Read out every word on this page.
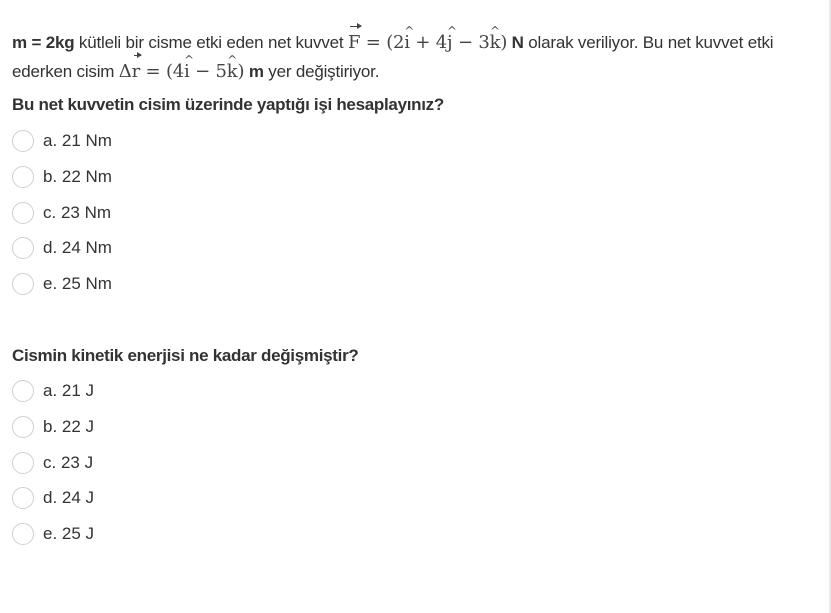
m = 2kg kütleli bir cisme etki eden net kuvvet F = (2i ^ + 4j ^ − 3k ^) N olarak veriliyor. Bu net kuvvet etki ederken cisim Δr = (4i ^ − 5k ^) m yer değiştiriyor.
Bu net kuvvetin cisim üzerinde yaptığı işi hesaplayınız?
a. 21 Nm
b. 22 Nm
c. 23 Nm
d. 24 Nm
e. 25 Nm
Cismin kinetik enerjisi ne kadar değişmiştir?
a. 21 J
b. 22 J
c. 23 J
d. 24 J
e. 25 J
